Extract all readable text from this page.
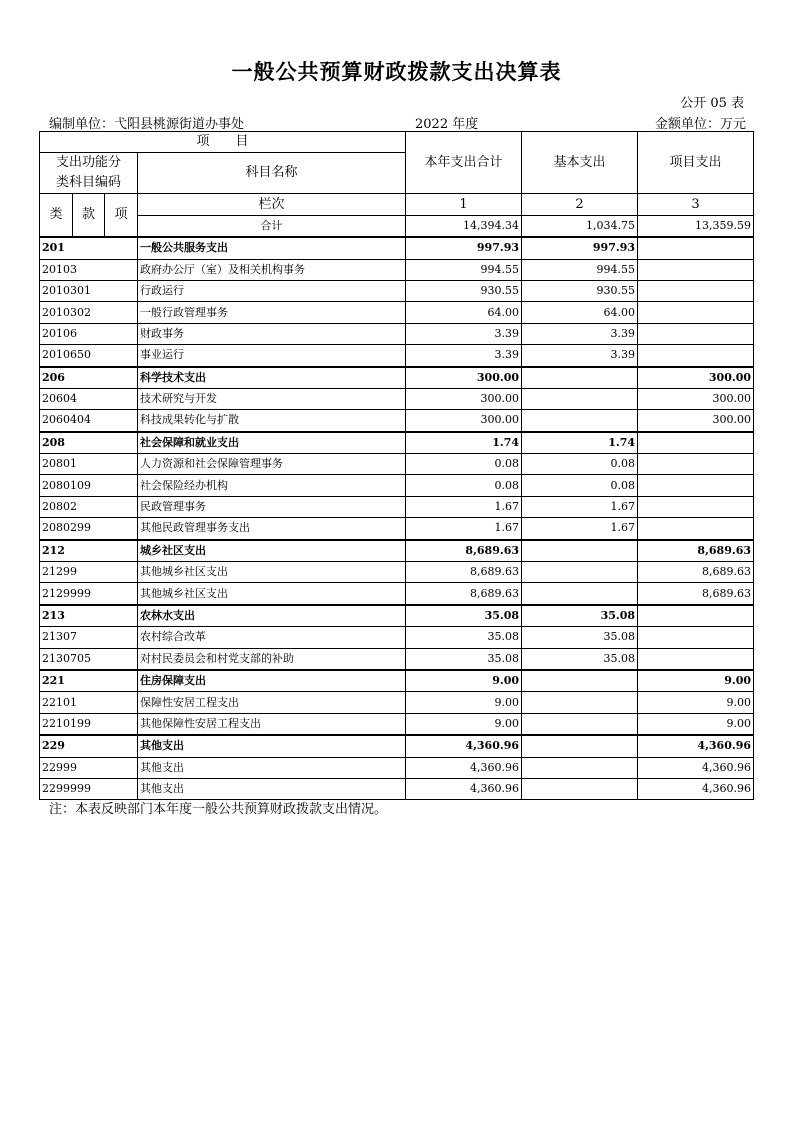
一般公共预算财政拨款支出决算表
公开 05 表
编制单位：弋阳县桃源街道办事处	2022 年度	金额单位：万元
项　　目				本年支出合计	基本支出	项目支出
支出功能分类科目编码			科目名称			

类	款	项	栏次	1	2	3
			合计	14,394.34	1,034.75	13,359.59
201			一般公共服务支出	997.93	997.93	
20103			政府办公厅（室）及相关机构事务	994.55	994.55	
2010301			行政运行	930.55	930.55	
2010302			一般行政管理事务	64.00	64.00	
20106			财政事务	3.39	3.39	
2010650			事业运行	3.39	3.39	
206			科学技术支出	300.00		300.00
20604			技术研究与开发	300.00		300.00
2060404			科技成果转化与扩散	300.00		300.00
208			社会保障和就业支出	1.74	1.74	
20801			人力资源和社会保障管理事务	0.08	0.08	
2080109			社会保险经办机构	0.08	0.08	
20802			民政管理事务	1.67	1.67	
2080299			其他民政管理事务支出	1.67	1.67	
212			城乡社区支出	8,689.63		8,689.63
21299			其他城乡社区支出	8,689.63		8,689.63
2129999			其他城乡社区支出	8,689.63		8,689.63
213			农林水支出	35.08	35.08	
21307			农村综合改革	35.08	35.08	
2130705			对村民委员会和村党支部的补助	35.08	35.08	
221			住房保障支出	9.00		9.00
22101			保障性安居工程支出	9.00		9.00
2210199			其他保障性安居工程支出	9.00		9.00
229			其他支出	4,360.96		4,360.96
22999			其他支出	4,360.96		4,360.96
2299999			其他支出	4,360.96		4,360.96
注：本表反映部门本年度一般公共预算财政拨款支出情况。
